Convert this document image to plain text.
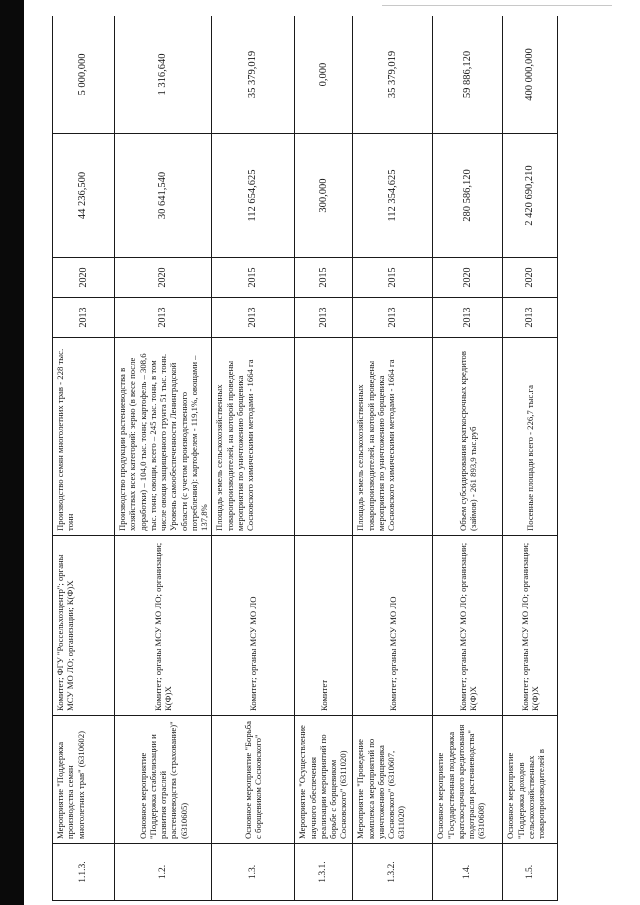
1.1.3.	Мероприятие "Поддержка производства семян многолетних трав" (6310602)	Комитет; ФГУ "Россельхозцентр"; органы МСУ МО ЛО; организации; К(Ф)Х	Производство семян многолетних трав - 228 тыс. тонн	2013	2020	44 236,500	5 000,000
1.2.	Основное мероприятие "Поддержка стабилизации и развития отраслей растениеводства (страхование)" (6310605)	Комитет; органы МСУ МО ЛО; организации; К(Ф)Х	Производство продукции растениеводства в хозяйствах всех категорий: зерно (в весе после доработки) – 104,0 тыс. тонн; картофель – 308,6 тыс. тонн; овощи, всего – 245 тыс. тонн, в том числе овощи защищенного грунта 51 тыс. тонн. Уровень самообеспеченности Ленинградской области (с учетом производственного потребления): картофелем - 119,1%, овощами – 137,8%	2013	2020	30 641,540	1 316,640
1.3.	Основное мероприятие "Борьба с борщевиком Сосновского"	Комитет; органы МСУ МО ЛО	Площадь земель сельскохозяйственных товаропроизводителей, на которой проведены мероприятия по уничтожению борщевика Сосновского химическими методами - 1664 га	2013	2015	112 654,625	35 379,019
1.3.1.	Мероприятие "Осуществление научного обеспечения реализации мероприятий по борьбе с борщевиком Сосновского" (6311020)	Комитет		2013	2015	300,000	0,000
1.3.2.	Мероприятие "Проведение комплекса мероприятий по уничтожению борщевика Сосновского" (6310607, 6311020)	Комитет; органы МСУ МО ЛО	Площадь земель сельскохозяйственных товаропроизводителей, на которой проведены мероприятия по уничтожению борщевика Сосновского химическими методами - 1664 га	2013	2015	112 354,625	35 379,019
1.4.	Основное мероприятие "Государственная поддержка кратскосрочного кредитования подотрасли растениеводства" (6310608)	Комитет; органы МСУ МО ЛО; организации; К(Ф)Х	Объем субсидирования краткосрочных кредитов (займов) - 261 893,9 тыс.руб	2013	2020	280 586,120	59 886,120
1.5.	Основное мероприятие "Поддержка доходов сельскохозяйственных товаропроизводителей в	Комитет; органы МСУ МО ЛО; организации; К(Ф)Х	Посевные площади всего - 226,7 тыс.га	2013	2020	2 420 690,210	400 000,000
